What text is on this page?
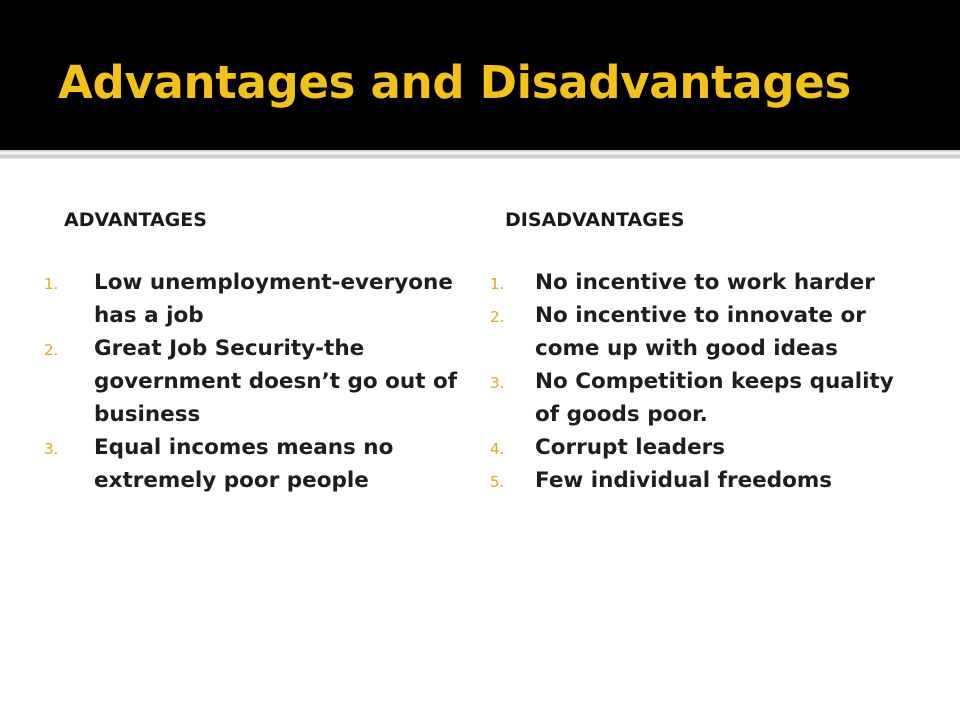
Advantages and Disadvantages
ADVANTAGES
1. Low unemployment-everyone has a job
2. Great Job Security-the government doesn’t go out of business
3. Equal incomes means no extremely poor people
DISADVANTAGES
1. No incentive to work harder
2. No incentive to innovate or come up with good ideas
3. No Competition keeps quality of goods poor.
4. Corrupt leaders
5. Few individual freedoms
